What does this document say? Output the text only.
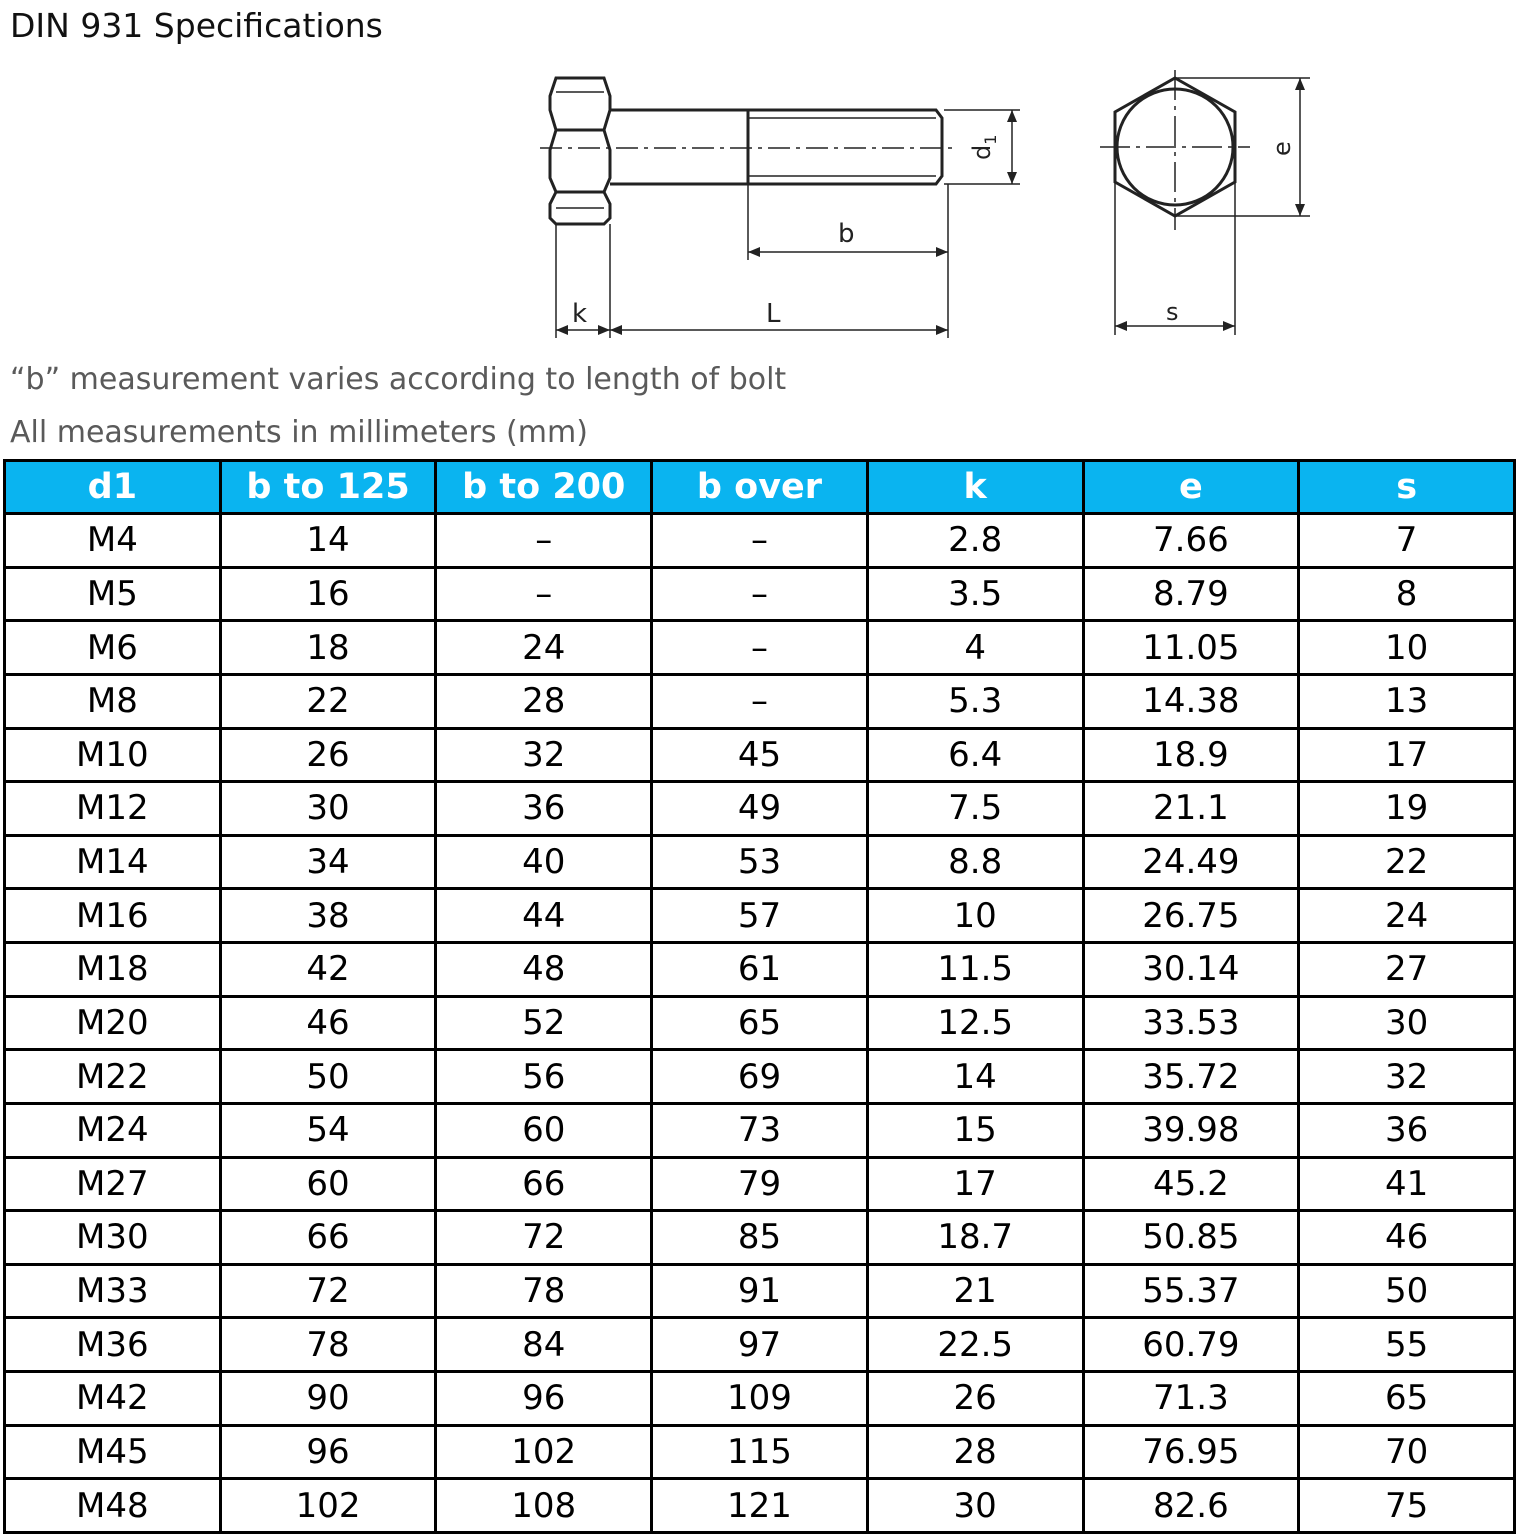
DIN 931 Specifications
b
k	L	s
$d_1$
e
“b” measurement varies according to length of bolt
All measurements in millimeters (mm)
d1	b to 125	b to 200	b over	k	e	s
M4	14	–	–	2.8	7.66	7
M5	16	–	–	3.5	8.79	8
M6	18	24	–	4	11.05	10
M8	22	28	–	5.3	14.38	13
M10	26	32	45	6.4	18.9	17
M12	30	36	49	7.5	21.1	19
M14	34	40	53	8.8	24.49	22
M16	38	44	57	10	26.75	24
M18	42	48	61	11.5	30.14	27
M20	46	52	65	12.5	33.53	30
M22	50	56	69	14	35.72	32
M24	54	60	73	15	39.98	36
M27	60	66	79	17	45.2	41
M30	66	72	85	18.7	50.85	46
M33	72	78	91	21	55.37	50
M36	78	84	97	22.5	60.79	55
M42	90	96	109	26	71.3	65
M45	96	102	115	28	76.95	70
M48	102	108	121	30	82.6	75
